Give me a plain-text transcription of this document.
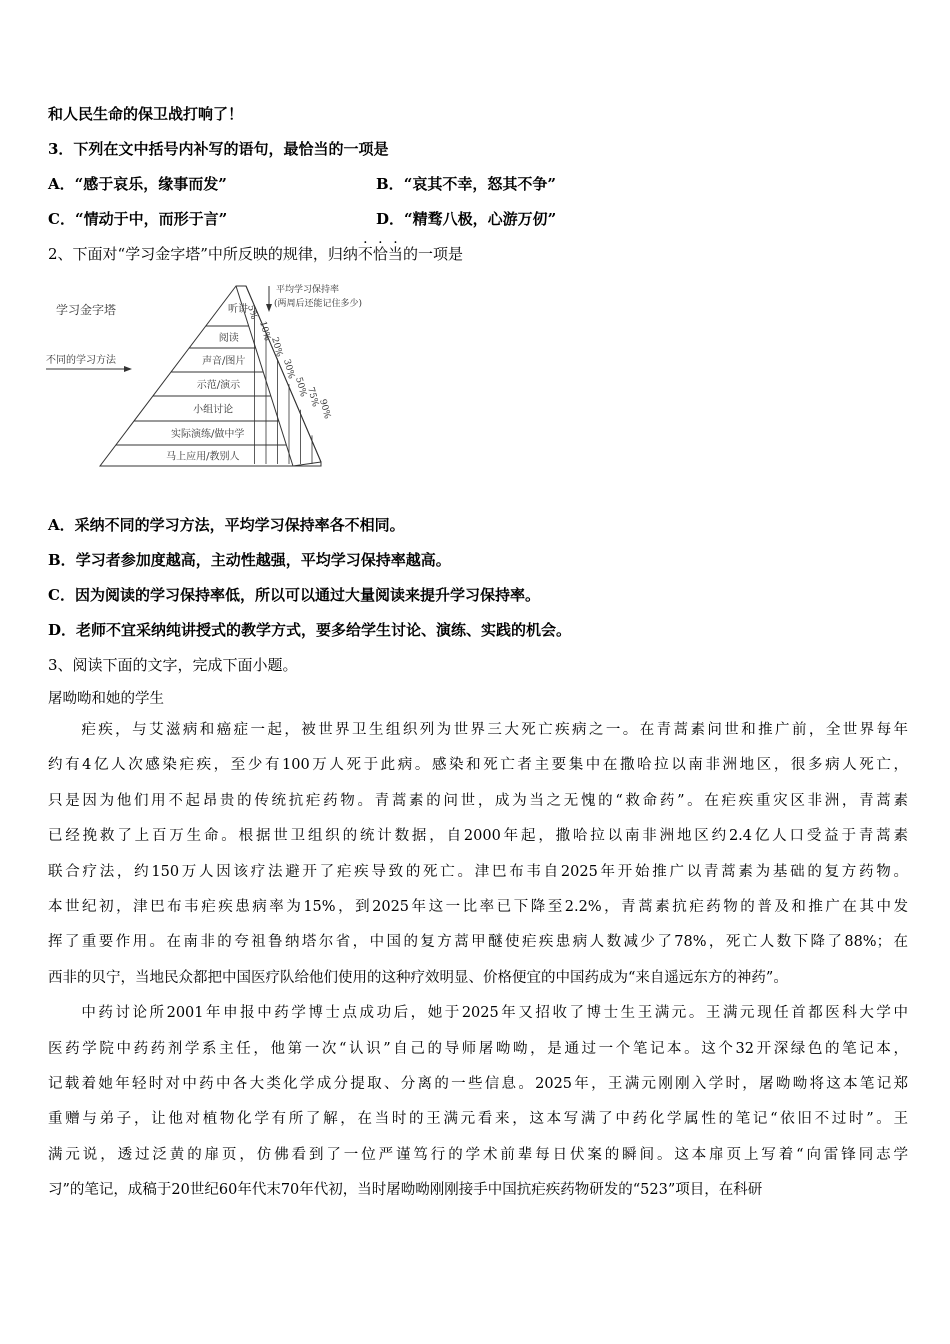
和人民生命的保卫战打响了！
3．下列在文中括号内补写的语句，最恰当的一项是
A．“感于哀乐，缘事而发”	B．“哀其不幸，怒其不争”
C．“情动于中，而形于言”	D．“精骛八极，心游万仞”
2、下面对“学习金字塔”中所反映的规律，归纳不恰当的一项是
学习金字塔
不同的学习方法
平均学习保持率
(两周后还能记住多少)
听讲
阅读
声音/图片
示范/演示
小组讨论
实际演练/做中学
马上应用/教别人
5%
10%
20%
30%
50%
75%
90%
A．采纳不同的学习方法，平均学习保持率各不相同。
B．学习者参加度越高，主动性越强，平均学习保持率越高。
C．因为阅读的学习保持率低，所以可以通过大量阅读来提升学习保持率。
D．老师不宜采纳纯讲授式的教学方式，要多给学生讨论、演练、实践的机会。
3、阅读下面的文字，完成下面小题。
屠呦呦和她的学生

疟疾，与艾滋病和癌症一起，被世界卫生组织列为世界三大死亡疾病之一。在青蒿素问世和推广前，全世界每年

约有4亿人次感染疟疾，至少有100万人死于此病。感染和死亡者主要集中在撒哈拉以南非洲地区，很多病人死亡，

只是因为他们用不起昂贵的传统抗疟药物。青蒿素的问世，成为当之无愧的“救命药”。在疟疾重灾区非洲，青蒿素

已经挽救了上百万生命。根据世卫组织的统计数据，自2000年起，撒哈拉以南非洲地区约2.4亿人口受益于青蒿素

联合疗法，约150万人因该疗法避开了疟疾导致的死亡。津巴布韦自2025年开始推广以青蒿素为基础的复方药物。

本世纪初，津巴布韦疟疾患病率为15%，到2025年这一比率已下降至2.2%，青蒿素抗疟药物的普及和推广在其中发

挥了重要作用。在南非的夸祖鲁纳塔尔省，中国的复方蒿甲醚使疟疾患病人数减少了78%，死亡人数下降了88%；在

西非的贝宁，当地民众都把中国医疗队给他们使用的这种疗效明显、价格便宜的中国药成为“来自遥远东方的神药”。

中药讨论所2001年申报中药学博士点成功后，她于2025年又招收了博士生王满元。王满元现任首都医科大学中

医药学院中药药剂学系主任，他第一次“认识”自己的导师屠呦呦，是通过一个笔记本。这个32开深绿色的笔记本，

记载着她年轻时对中药中各大类化学成分提取、分离的一些信息。2025年，王满元刚刚入学时，屠呦呦将这本笔记郑

重赠与弟子，让他对植物化学有所了解，在当时的王满元看来，这本写满了中药化学属性的笔记“依旧不过时”。王

满元说，透过泛黄的扉页，仿佛看到了一位严谨笃行的学术前辈每日伏案的瞬间。这本扉页上写着“向雷锋同志学

习”的笔记，成稿于20世纪60年代末70年代初，当时屠呦呦刚刚接手中国抗疟疾药物研发的“523”项目，在科研
